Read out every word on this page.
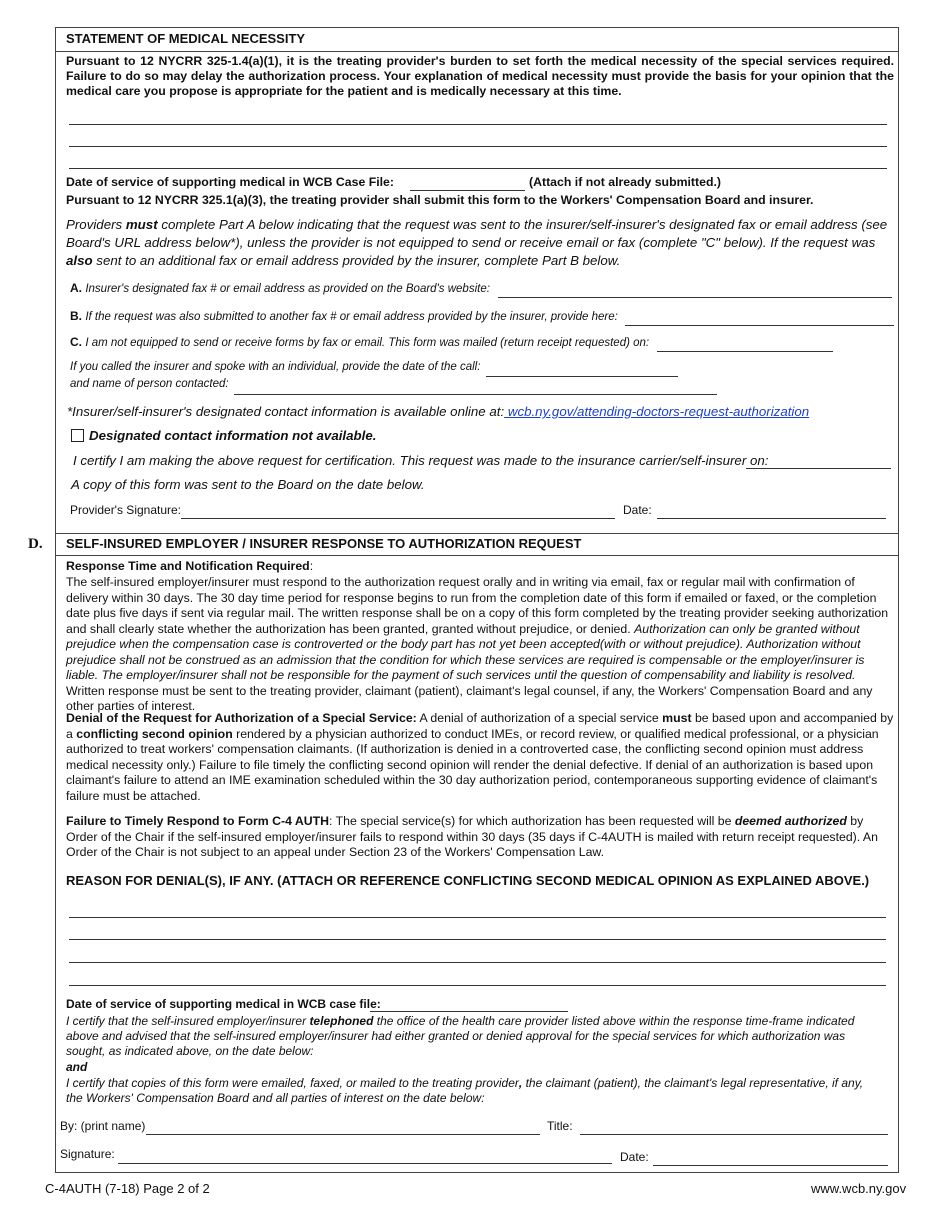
STATEMENT OF MEDICAL NECESSITY
Pursuant to 12 NYCRR 325-1.4(a)(1), it is the treating provider's burden to set forth the medical necessity of the special services required. Failure to do so may delay the authorization process. Your explanation of medical necessity must provide the basis for your opinion that the medical care you propose is appropriate for the patient and is medically necessary at this time.
Date of service of supporting medical in WCB Case File:	(Attach if not already submitted.)
Pursuant to 12 NYCRR 325.1(a)(3), the treating provider shall submit this form to the Workers' Compensation Board and insurer.
Providers must complete Part A below indicating that the request was sent to the insurer/self-insurer's designated fax or email address (see Board's URL address below*), unless the provider is not equipped to send or receive email or fax (complete "C" below). If the request was also sent to an additional fax or email address provided by the insurer, complete Part B below.
A. Insurer's designated fax # or email address as provided on the Board's website:
B. If the request was also submitted to another fax # or email address provided by the insurer, provide here:
C. I am not equipped to send or receive forms by fax or email. This form was mailed (return receipt requested) on:
If you called the insurer and spoke with an individual, provide the date of the call:
and name of person contacted:
*Insurer/self-insurer's designated contact information is available online at: wcb.ny.gov/attending-doctors-request-authorization
Designated contact information not available.
I certify I am making the above request for certification. This request was made to the insurance carrier/self-insurer on:
A copy of this form was sent to the Board on the date below.
Provider's Signature:	Date:
D. SELF-INSURED EMPLOYER / INSURER RESPONSE TO AUTHORIZATION REQUEST
Response Time and Notification Required:
The self-insured employer/insurer must respond to the authorization request orally and in writing via email, fax or regular mail with confirmation of delivery within 30 days. The 30 day time period for response begins to run from the completion date of this form if emailed or faxed, or the completion date plus five days if sent via regular mail. The written response shall be on a copy of this form completed by the treating provider seeking authorization and shall clearly state whether the authorization has been granted, granted without prejudice, or denied. Authorization can only be granted without prejudice when the compensation case is controverted or the body part has not yet been accepted(with or without prejudice). Authorization without prejudice shall not be construed as an admission that the condition for which these services are required is compensable or the employer/insurer is liable. The employer/insurer shall not be responsible for the payment of such services until the question of compensability and liability is resolved. Written response must be sent to the treating provider, claimant (patient), claimant's legal counsel, if any, the Workers' Compensation Board and any other parties of interest.
Denial of the Request for Authorization of a Special Service: A denial of authorization of a special service must be based upon and accompanied by a conflicting second opinion rendered by a physician authorized to conduct IMEs, or record review, or qualified medical professional, or a physician authorized to treat workers' compensation claimants. (If authorization is denied in a controverted case, the conflicting second opinion must address medical necessity only.) Failure to file timely the conflicting second opinion will render the denial defective. If denial of an authorization is based upon claimant's failure to attend an IME examination scheduled within the 30 day authorization period, contemporaneous supporting evidence of claimant's failure must be attached.
Failure to Timely Respond to Form C-4 AUTH: The special service(s) for which authorization has been requested will be deemed authorized by Order of the Chair if the self-insured employer/insurer fails to respond within 30 days (35 days if C-4AUTH is mailed with return receipt requested). An Order of the Chair is not subject to an appeal under Section 23 of the Workers' Compensation Law.
REASON FOR DENIAL(S), IF ANY. (ATTACH OR REFERENCE CONFLICTING SECOND MEDICAL OPINION AS EXPLAINED ABOVE.)
Date of service of supporting medical in WCB case file:
I certify that the self-insured employer/insurer telephoned the office of the health care provider listed above within the response time-frame indicated above and advised that the self-insured employer/insurer had either granted or denied approval for the special services for which authorization was sought, as indicated above, on the date below:
and
I certify that copies of this form were emailed, faxed, or mailed to the treating provider, the claimant (patient), the claimant's legal representative, if any, the Workers' Compensation Board and all parties of interest on the date below:
By: (print name)	Title:
Signature:	Date:
C-4AUTH (7-18) Page 2 of 2	www.wcb.ny.gov
